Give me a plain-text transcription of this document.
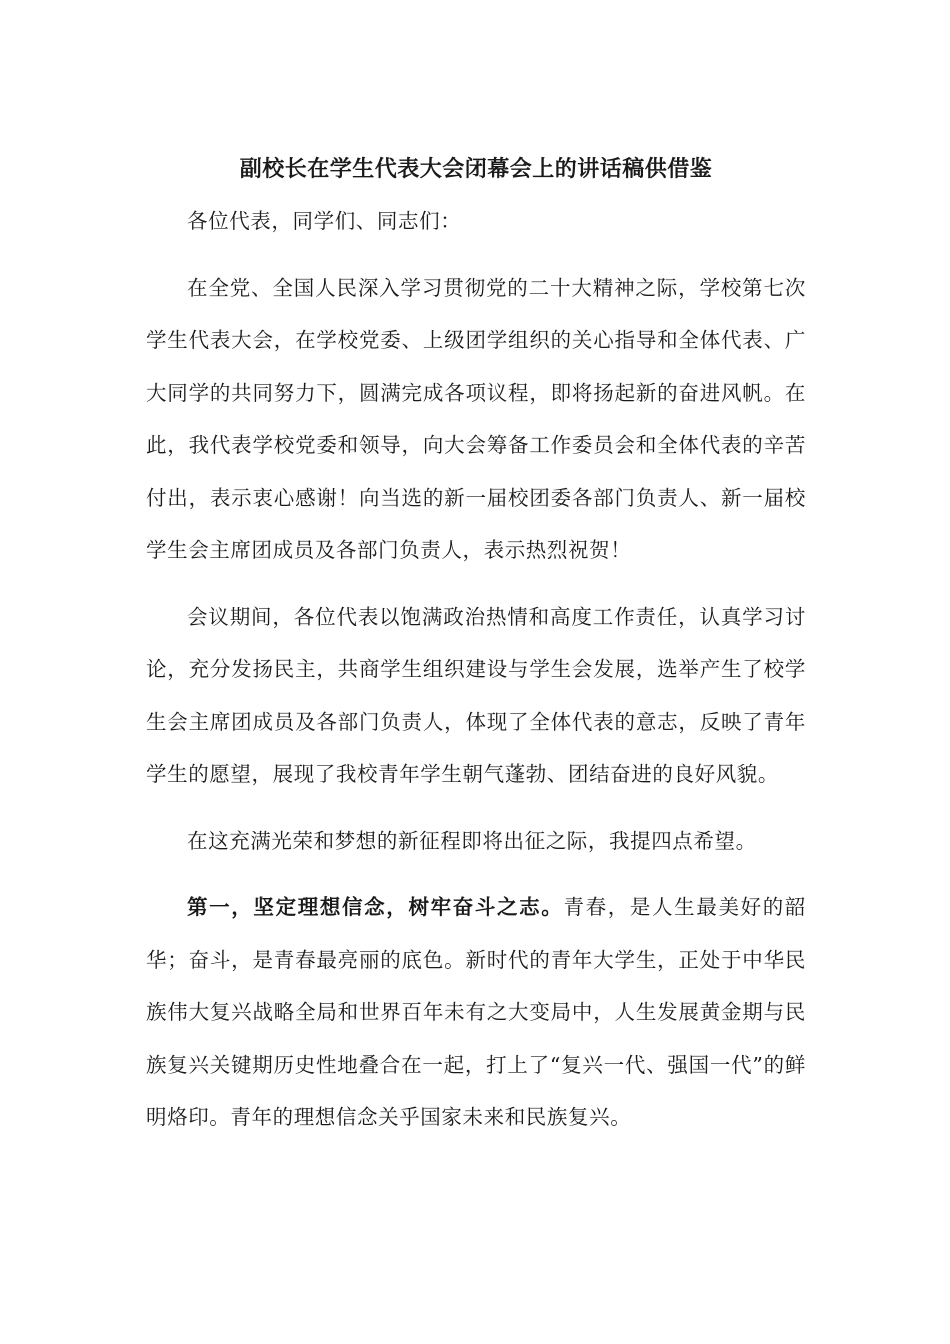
副校长在学生代表大会闭幕会上的讲话稿供借鉴

各位代表，同学们、同志们：

在全党、全国人民深入学习贯彻党的二十大精神之际，学校第七次学生代表大会，在学校党委、上级团学组织的关心指导和全体代表、广大同学的共同努力下，圆满完成各项议程，即将扬起新的奋进风帆。在此，我代表学校党委和领导，向大会筹备工作委员会和全体代表的辛苦付出，表示衷心感谢！向当选的新一届校团委各部门负责人、新一届校学生会主席团成员及各部门负责人，表示热烈祝贺！

会议期间，各位代表以饱满政治热情和高度工作责任，认真学习讨论，充分发扬民主，共商学生组织建设与学生会发展，选举产生了校学生会主席团成员及各部门负责人，体现了全体代表的意志，反映了青年学生的愿望，展现了我校青年学生朝气蓬勃、团结奋进的良好风貌。

在这充满光荣和梦想的新征程即将出征之际，我提四点希望。

第一，坚定理想信念，树牢奋斗之志。青春，是人生最美好的韶华；奋斗，是青春最亮丽的底色。新时代的青年大学生，正处于中华民族伟大复兴战略全局和世界百年未有之大变局中，人生发展黄金期与民族复兴关键期历史性地叠合在一起，打上了“复兴一代、强国一代”的鲜明烙印。青年的理想信念关乎国家未来和民族复兴。
